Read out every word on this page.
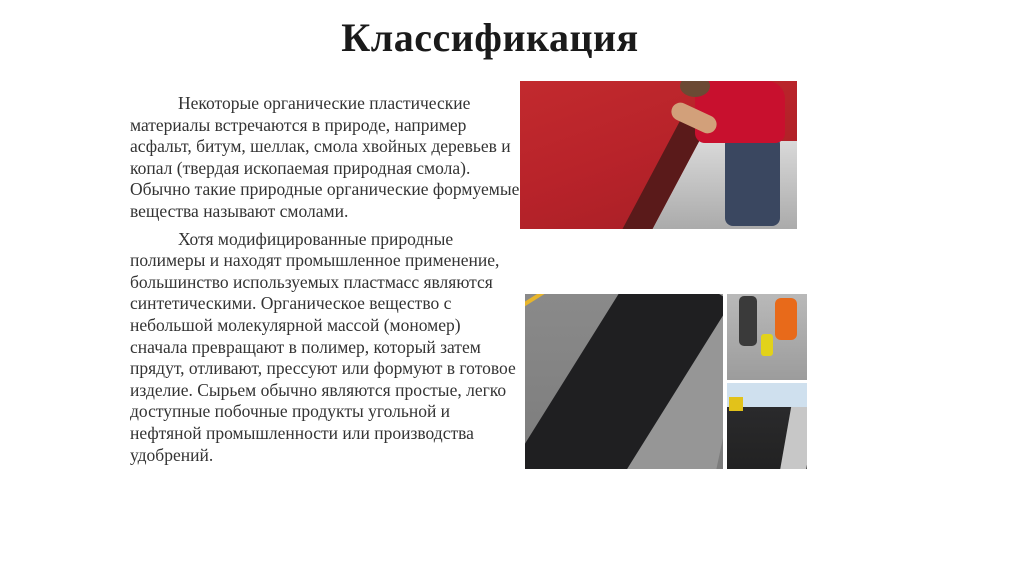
Классификация

Некоторые органические пластические материалы встречаются в природе, например асфальт, битум, шеллак, смола хвойных деревьев и копал (твердая ископаемая природная смола). Обычно такие природные органические формуемые вещества называют смолами.

Хотя модифицированные природные полимеры и находят промышленное применение, большинство используемых пластмасс являются синтетическими. Органическое вещество с небольшой молекулярной массой (мономер) сначала превращают в полимер, который затем прядут, отливают, прессуют или формуют в готовое изделие. Сырьем обычно являются простые, легко доступные побочные продукты угольной и нефтяной промышленности или производства удобрений.
